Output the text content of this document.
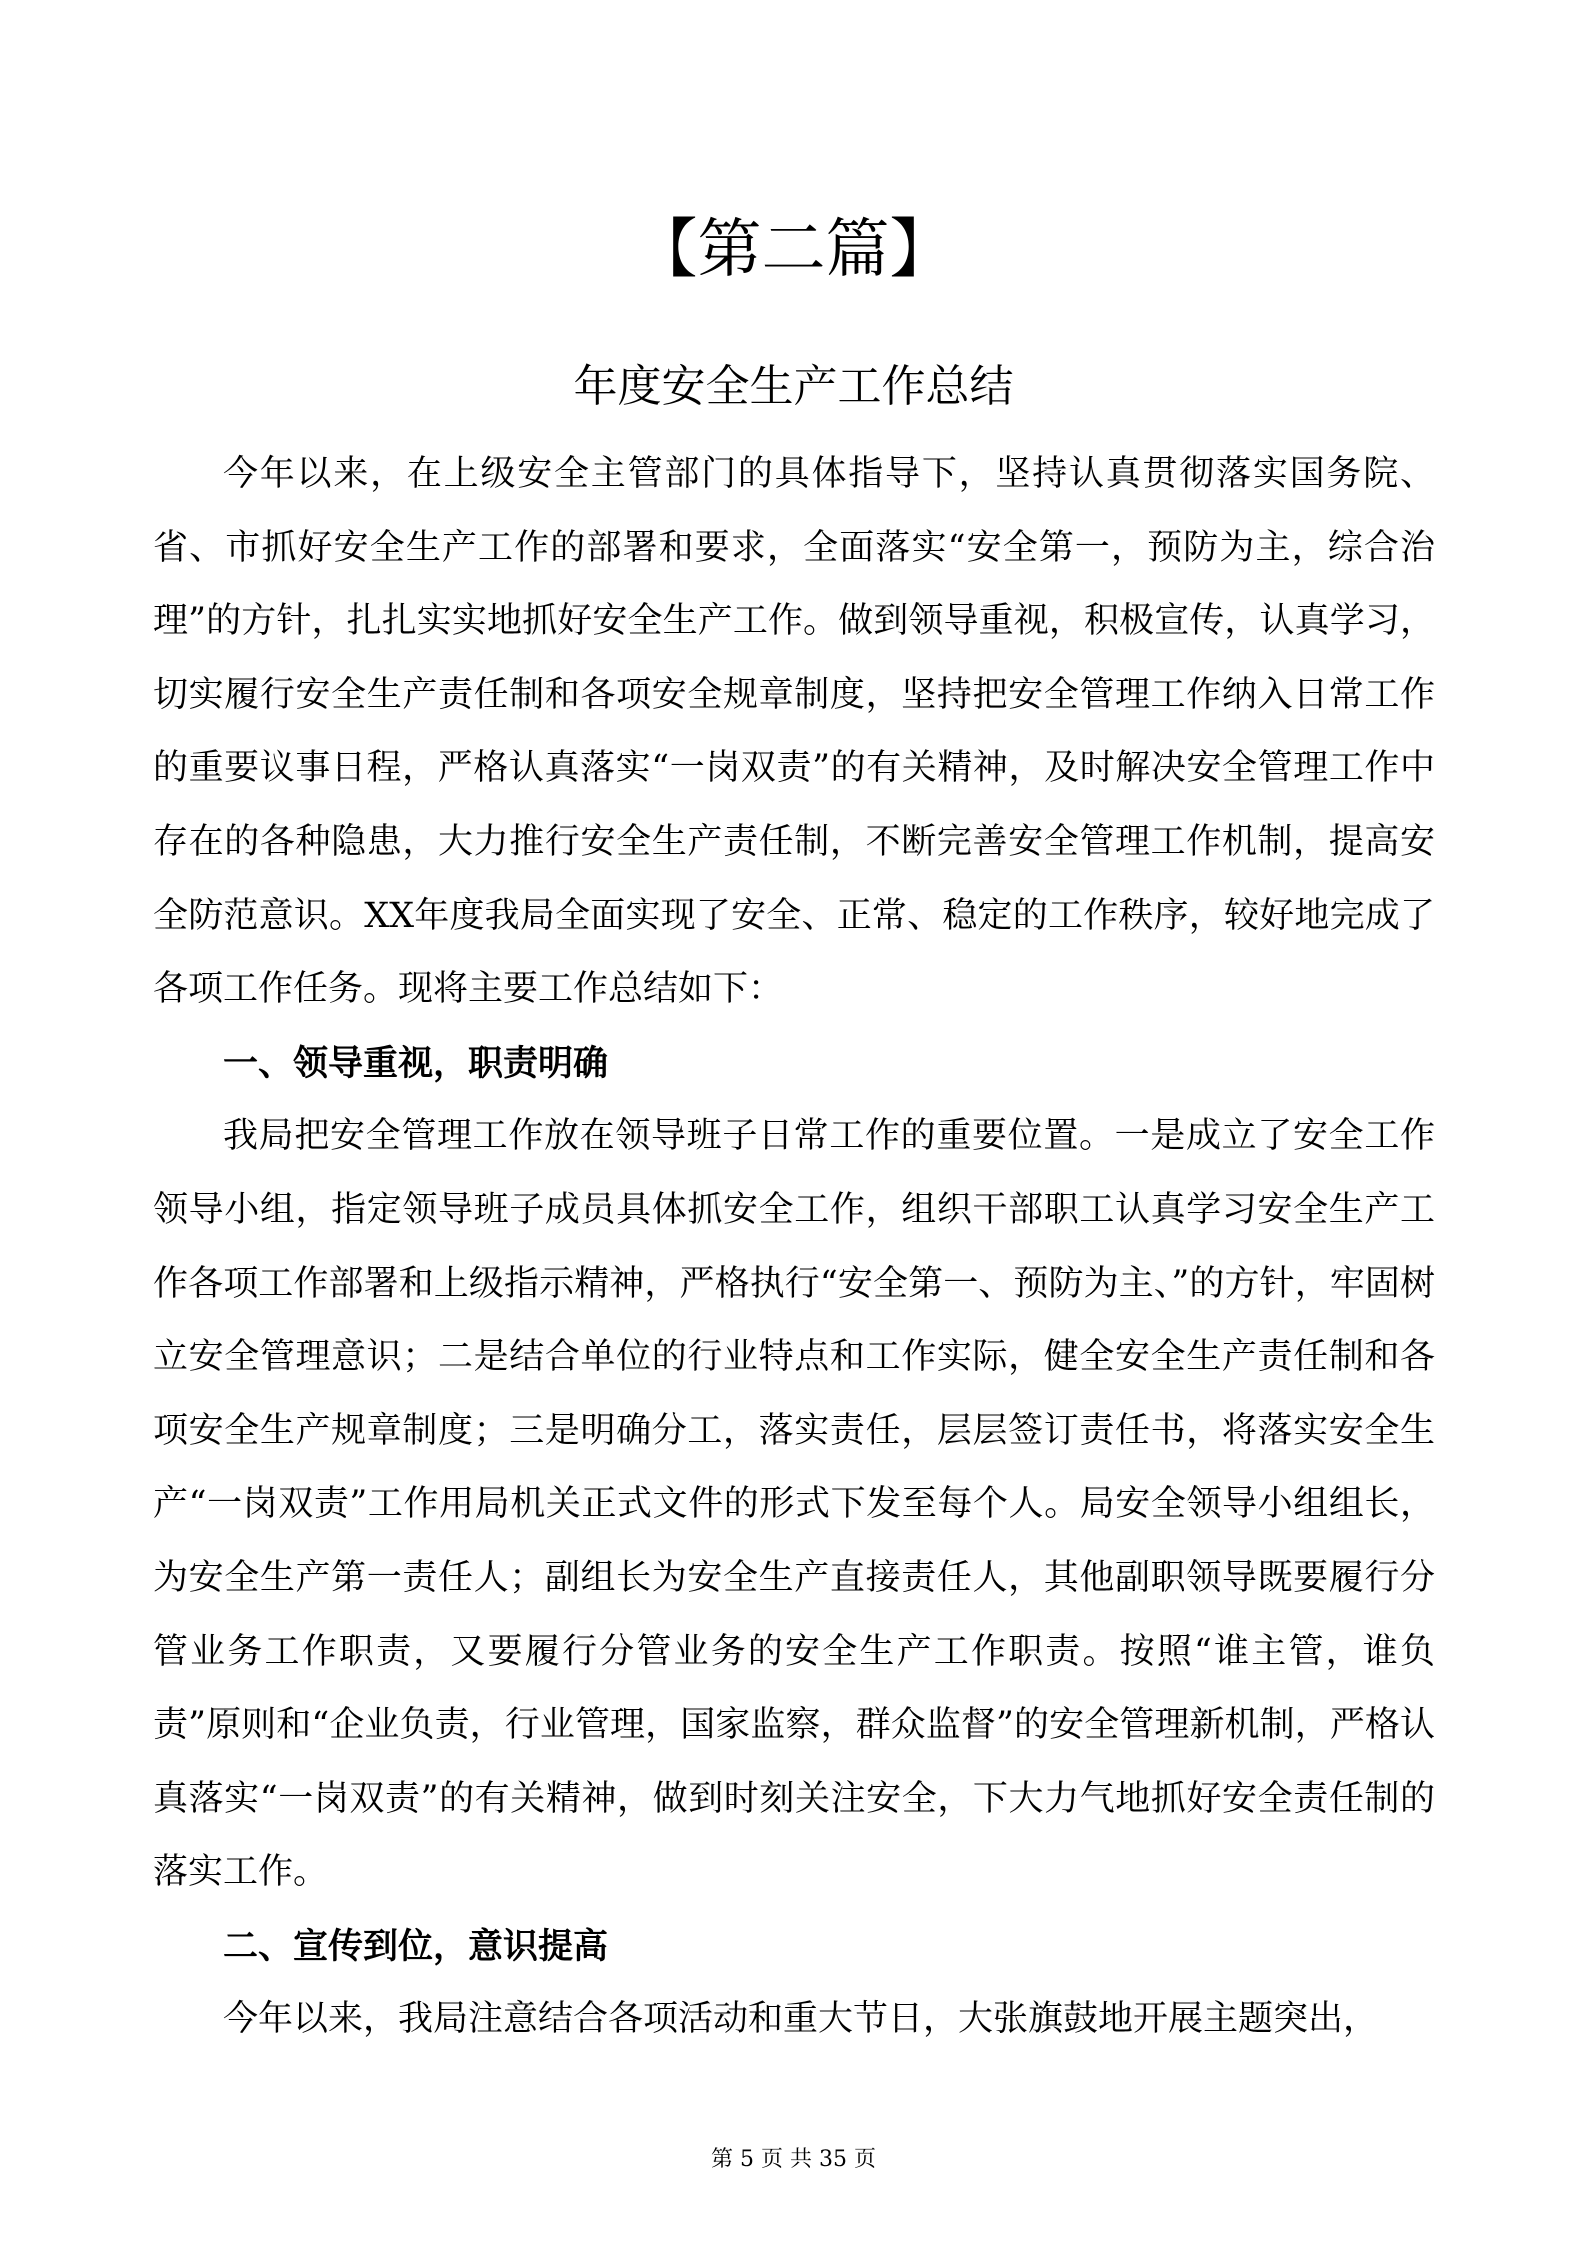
【第二篇】
年度安全生产工作总结

今年以来，在上级安全主管部门的具体指导下，坚持认真贯彻落实国务院、省、市抓好安全生产工作的部署和要求，全面落实“安全第一，预防为主，综合治理”的方针，扎扎实实地抓好安全生产工作。做到领导重视，积极宣传，认真学习，切实履行安全生产责任制和各项安全规章制度，坚持把安全管理工作纳入日常工作的重要议事日程，严格认真落实“一岗双责”的有关精神，及时解决安全管理工作中存在的各种隐患，大力推行安全生产责任制，不断完善安全管理工作机制，提高安全防范意识。XX年度我局全面实现了安全、正常、稳定的工作秩序，较好地完成了各项工作任务。现将主要工作总结如下：

一、领导重视，职责明确

我局把安全管理工作放在领导班子日常工作的重要位置。一是成立了安全工作领导小组，指定领导班子成员具体抓安全工作，组织干部职工认真学习安全生产工作各项工作部署和上级指示精神，严格执行“安全第一、预防为主、”的方针，牢固树立安全管理意识；二是结合单位的行业特点和工作实际，健全安全生产责任制和各项安全生产规章制度；三是明确分工，落实责任，层层签订责任书，将落实安全生产“一岗双责”工作用局机关正式文件的形式下发至每个人。局安全领导小组组长，为安全生产第一责任人；副组长为安全生产直接责任人，其他副职领导既要履行分管业务工作职责，又要履行分管业务的安全生产工作职责。按照“谁主管，谁负责”原则和“企业负责，行业管理，国家监察，群众监督”的安全管理新机制，严格认真落实“一岗双责”的有关精神，做到时刻关注安全，下大力气地抓好安全责任制的落实工作。

二、宣传到位，意识提高

今年以来，我局注意结合各项活动和重大节日，大张旗鼓地开展主题突出，

第 5 页 共 35 页
